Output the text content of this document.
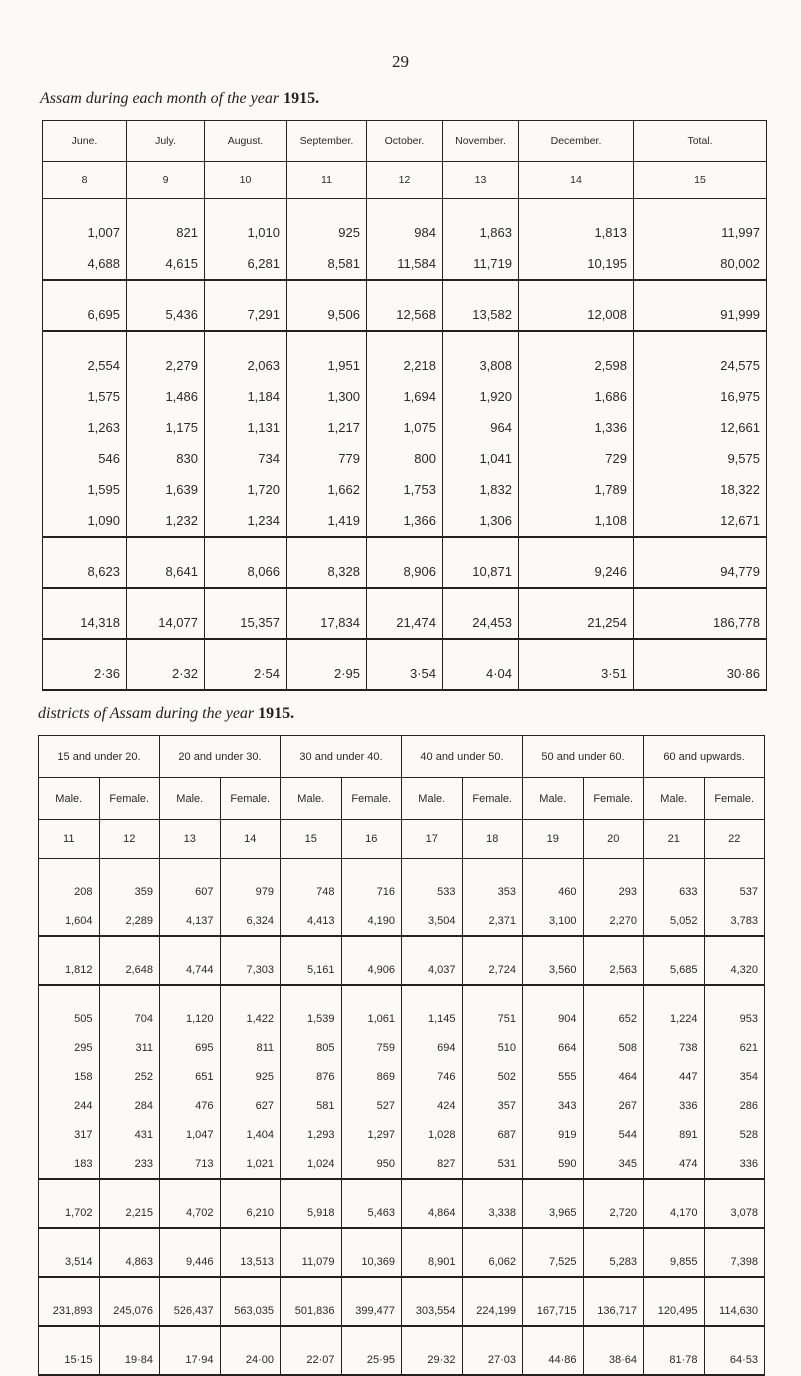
29
Assam during each month of the year 1915.
June.	July.	August.	September.	October.	November.	December.	Total.
8	9	10	11	12	13	14	15

1,007	821	1,010	925	984	1,863	1,813	11,997
4,688	4,615	6,281	8,581	11,584	11,719	10,195	80,002

6,695	5,436	7,291	9,506	12,568	13,582	12,008	91,999

2,554	2,279	2,063	1,951	2,218	3,808	2,598	24,575
1,575	1,486	1,184	1,300	1,694	1,920	1,686	16,975
1,263	1,175	1,131	1,217	1,075	964	1,336	12,661
546	830	734	779	800	1,041	729	9,575
1,595	1,639	1,720	1,662	1,753	1,832	1,789	18,322
1,090	1,232	1,234	1,419	1,366	1,306	1,108	12,671

8,623	8,641	8,066	8,328	8,906	10,871	9,246	94,779

14,318	14,077	15,357	17,834	21,474	24,453	21,254	186,778

2·36	2·32	2·54	2·95	3·54	4·04	3·51	30·86
districts of Assam during the year 1915.
15 and under 20.		20 and under 30.		30 and under 40.		40 and under 50.		50 and under 60.		60 and upwards.	
Male.	Female.	Male.	Female.	Male.	Female.	Male.	Female.	Male.	Female.	Male.	Female.
11	12	13	14	15	16	17	18	19	20	21	22

208	359	607	979	748	716	533	353	460	293	633	537
1,604	2,289	4,137	6,324	4,413	4,190	3,504	2,371	3,100	2,270	5,052	3,783

1,812	2,648	4,744	7,303	5,161	4,906	4,037	2,724	3,560	2,563	5,685	4,320

505	704	1,120	1,422	1,539	1,061	1,145	751	904	652	1,224	953
295	311	695	811	805	759	694	510	664	508	738	621
158	252	651	925	876	869	746	502	555	464	447	354
244	284	476	627	581	527	424	357	343	267	336	286
317	431	1,047	1,404	1,293	1,297	1,028	687	919	544	891	528
183	233	713	1,021	1,024	950	827	531	590	345	474	336

1,702	2,215	4,702	6,210	5,918	5,463	4,864	3,338	3,965	2,720	4,170	3,078

3,514	4,863	9,446	13,513	11,079	10,369	8,901	6,062	7,525	5,283	9,855	7,398

231,893	245,076	526,437	563,035	501,836	399,477	303,554	224,199	167,715	136,717	120,495	114,630

15·15	19·84	17·94	24·00	22·07	25·95	29·32	27·03	44·86	38·64	81·78	64·53
